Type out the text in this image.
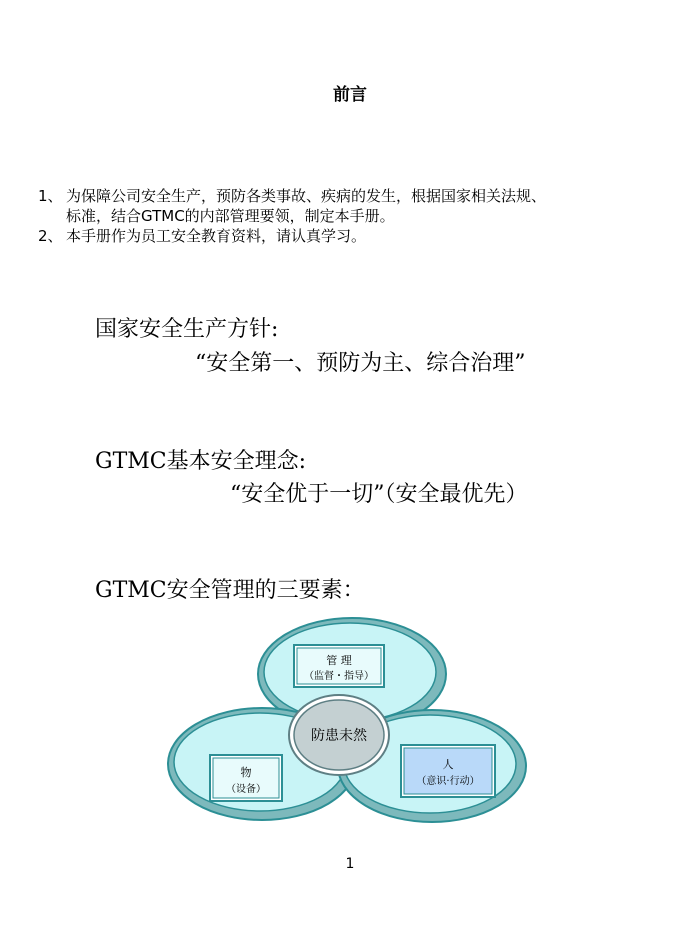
前言
1、 为保障公司安全生产，预防各类事故、疾病的发生，根据国家相关法规、
标准，结合GTMC的内部管理要领，制定本手册。
2、 本手册作为员工安全教育资料，请认真学习。
国家安全生产方针:
“安全第一、预防为主、综合治理”
GTMC基本安全理念:
“安全优于一切”（安全最优先）
GTMC安全管理的三要素：
管 理
（监督・指导）
物
（设备）
人
（意识·行动）
防患未然
1
